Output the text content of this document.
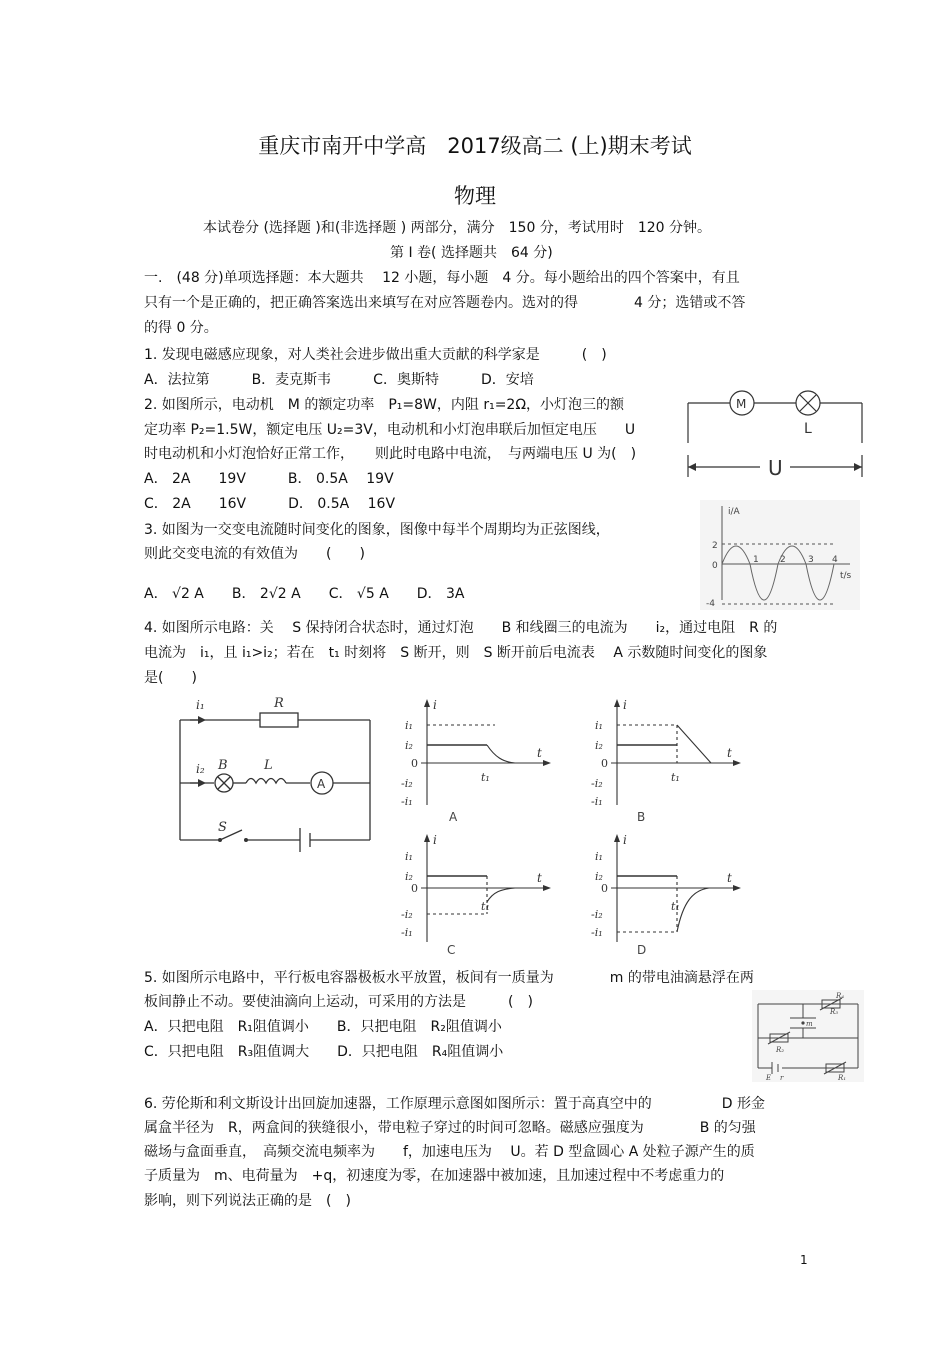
重庆市南开中学高　2017级高二 (上)期末考试
物理
本试卷分 (选择题 )和(非选择题 ) 两部分，满分　150 分，考试用时　120 分钟。
第 Ⅰ 卷( 选择题共　64 分)
一.　(48 分)单项选择题：本大题共　 12 小题，每小题　4 分。每小题给出的四个答案中，有且
只有一个是正确的，把正确答案选出来填写在对应答题卷内。选对的得　　　　4 分；选错或不答
的得 0 分。
1. 发现电磁感应现象，对人类社会进步做出重大贡献的科学家是　　　(　)
A．法拉第　　　B．麦克斯韦　　　C．奥斯特　　　D．安培
2. 如图所示，电动机　M 的额定功率　P₁=8W，内阻 r₁=2Ω，小灯泡三的额
定功率 P₂=1.5W，额定电压 U₂=3V，电动机和小灯泡串联后加恒定电压　　U
时电动机和小灯泡恰好正常工作，　　则此时电路中电流，　与两端电压 U 为(　)
A． 2A　　19V　　　B． 0.5A　 19V
C． 2A　　16V　　　D． 0.5A　 16V
M
L
U
3. 如图为一交变电流随时间变化的图象，图像中每半个周期均为正弦图线，
则此交变电流的有效值为　　(　　)
A． √2 A　　B． 2√2 A　　C． √5 A　　D． 3A
i/A
t/s
2
0
-4
1 2 3 4
4. 如图所示电路：关　 S 保持闭合状态时，通过灯泡　　B 和线圈三的电流为　　i₂，通过电阻　R 的
电流为　i₁，且 i₁>i₂；若在　t₁ 时刻将　S 断开，则　S 断开前后电流表　 A 示数随时间变化的图象
是(　　)
i₁	R
i₂ B	L
A
S
i
t
i₁
i₂
0
-i₂
-i₁
t₁
A
i
t
i₁
i₂
0
-i₂
-i₁
t₁
B
i
t
i₁
i₂
0
-i₂
-i₁
t₁
C
i
t
i₁
i₂
0
-i₂
-i₁
t₁
D
5. 如图所示电路中，平行板电容器极板水平放置，板间有一质量为　　　　m 的带电油滴悬浮在两
板间静止不动。要使油滴向上运动，可采用的方法是　　　(　)
A．只把电阻　R₁阻值调小　　B．只把电阻　R₂阻值调小
C．只把电阻　R₃阻值调大　　D．只把电阻　R₄阻值调小
m
R₄
R₃
R₂
R₁
E r
6. 劳伦斯和利文斯设计出回旋加速器，工作原理示意图如图所示：置于高真空中的　　　　　D 形金
属盒半径为　R，两盒间的狭缝很小，带电粒子穿过的时间可忽略。磁感应强度为　　　　B 的匀强
磁场与盒面垂直，　高频交流电频率为　　f，加速电压为　 U。若 D 型盒圆心 A 处粒子源产生的质
子质量为　m、电荷量为　+q，初速度为零，在加速器中被加速，且加速过程中不考虑重力的
影响，则下列说法正确的是　(　)
1
